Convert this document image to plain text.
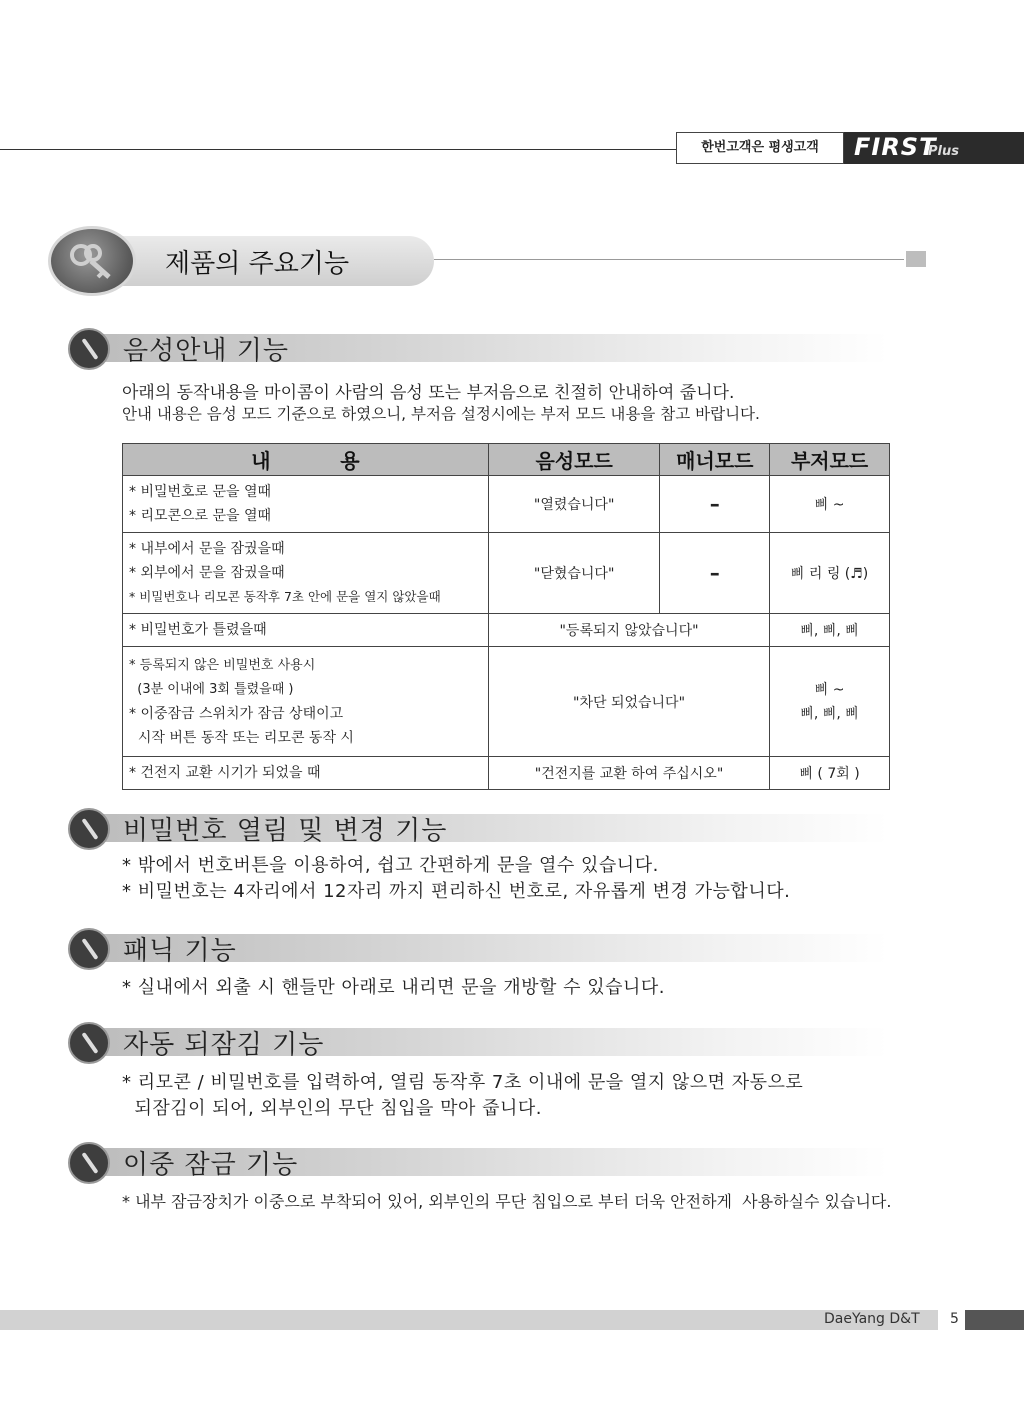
한번고객은 평생고객	FIRST
Plus
제품의 주요기능
음성안내 기능
아래의 동작내용을 마이콤이 사람의 음성 또는 부저음으로 친절히 안내하여 줍니다.
안내 내용은 음성 모드 기준으로 하였으니, 부저음 설정시에는 부저 모드 내용을 참고 바랍니다.
내          용	음성모드	매너모드	부저모드

* 비밀번호로 문을 열때
* 리모콘으로 문을 열때	"열렸습니다"	–	삐 ~

* 내부에서 문을 잠궜을때
* 외부에서 문을 잠궜을때
* 비밀번호나 리모콘 동작후 7초 안에 문을 열지 않았을때	"닫혔습니다"	–	삐 리 링 (♬)

* 비밀번호가 틀렸을때	"등록되지 않았습니다"		삐, 삐, 삐

* 등록되지 않은 비밀번호 사용시
(3분 이내에 3회 틀렸을때 )
* 이중잠금 스위치가 잠금 상태이고
시작 버튼 동작 또는 리모콘 동작 시	"차단 되었습니다"		삐 ~
삐, 삐, 삐

* 건전지 교환 시기가 되었을 때	"건전지를 교환 하여 주십시오"		삐 ( 7회 )
비밀번호 열림 및 변경 기능
* 밖에서 번호버튼을 이용하여, 쉽고 간편하게 문을 열수 있습니다.
* 비밀번호는 4자리에서 12자리 까지 편리하신 번호로, 자유롭게 변경 가능합니다.
패닉 기능
* 실내에서 외출 시 핸들만 아래로 내리면 문을 개방할 수 있습니다.
자동 되잠김 기능
* 리모콘 / 비밀번호를 입력하여, 열림 동작후 7초 이내에 문을 열지 않으면 자동으로
되잠김이 되어, 외부인의 무단 침입을 막아 줍니다.
이중 잠금 기능
* 내부 잠금장치가 이중으로 부착되어 있어, 외부인의 무단 침입으로 부터 더욱 안전하게  사용하실수 있습니다.
DaeYang D&T 5
